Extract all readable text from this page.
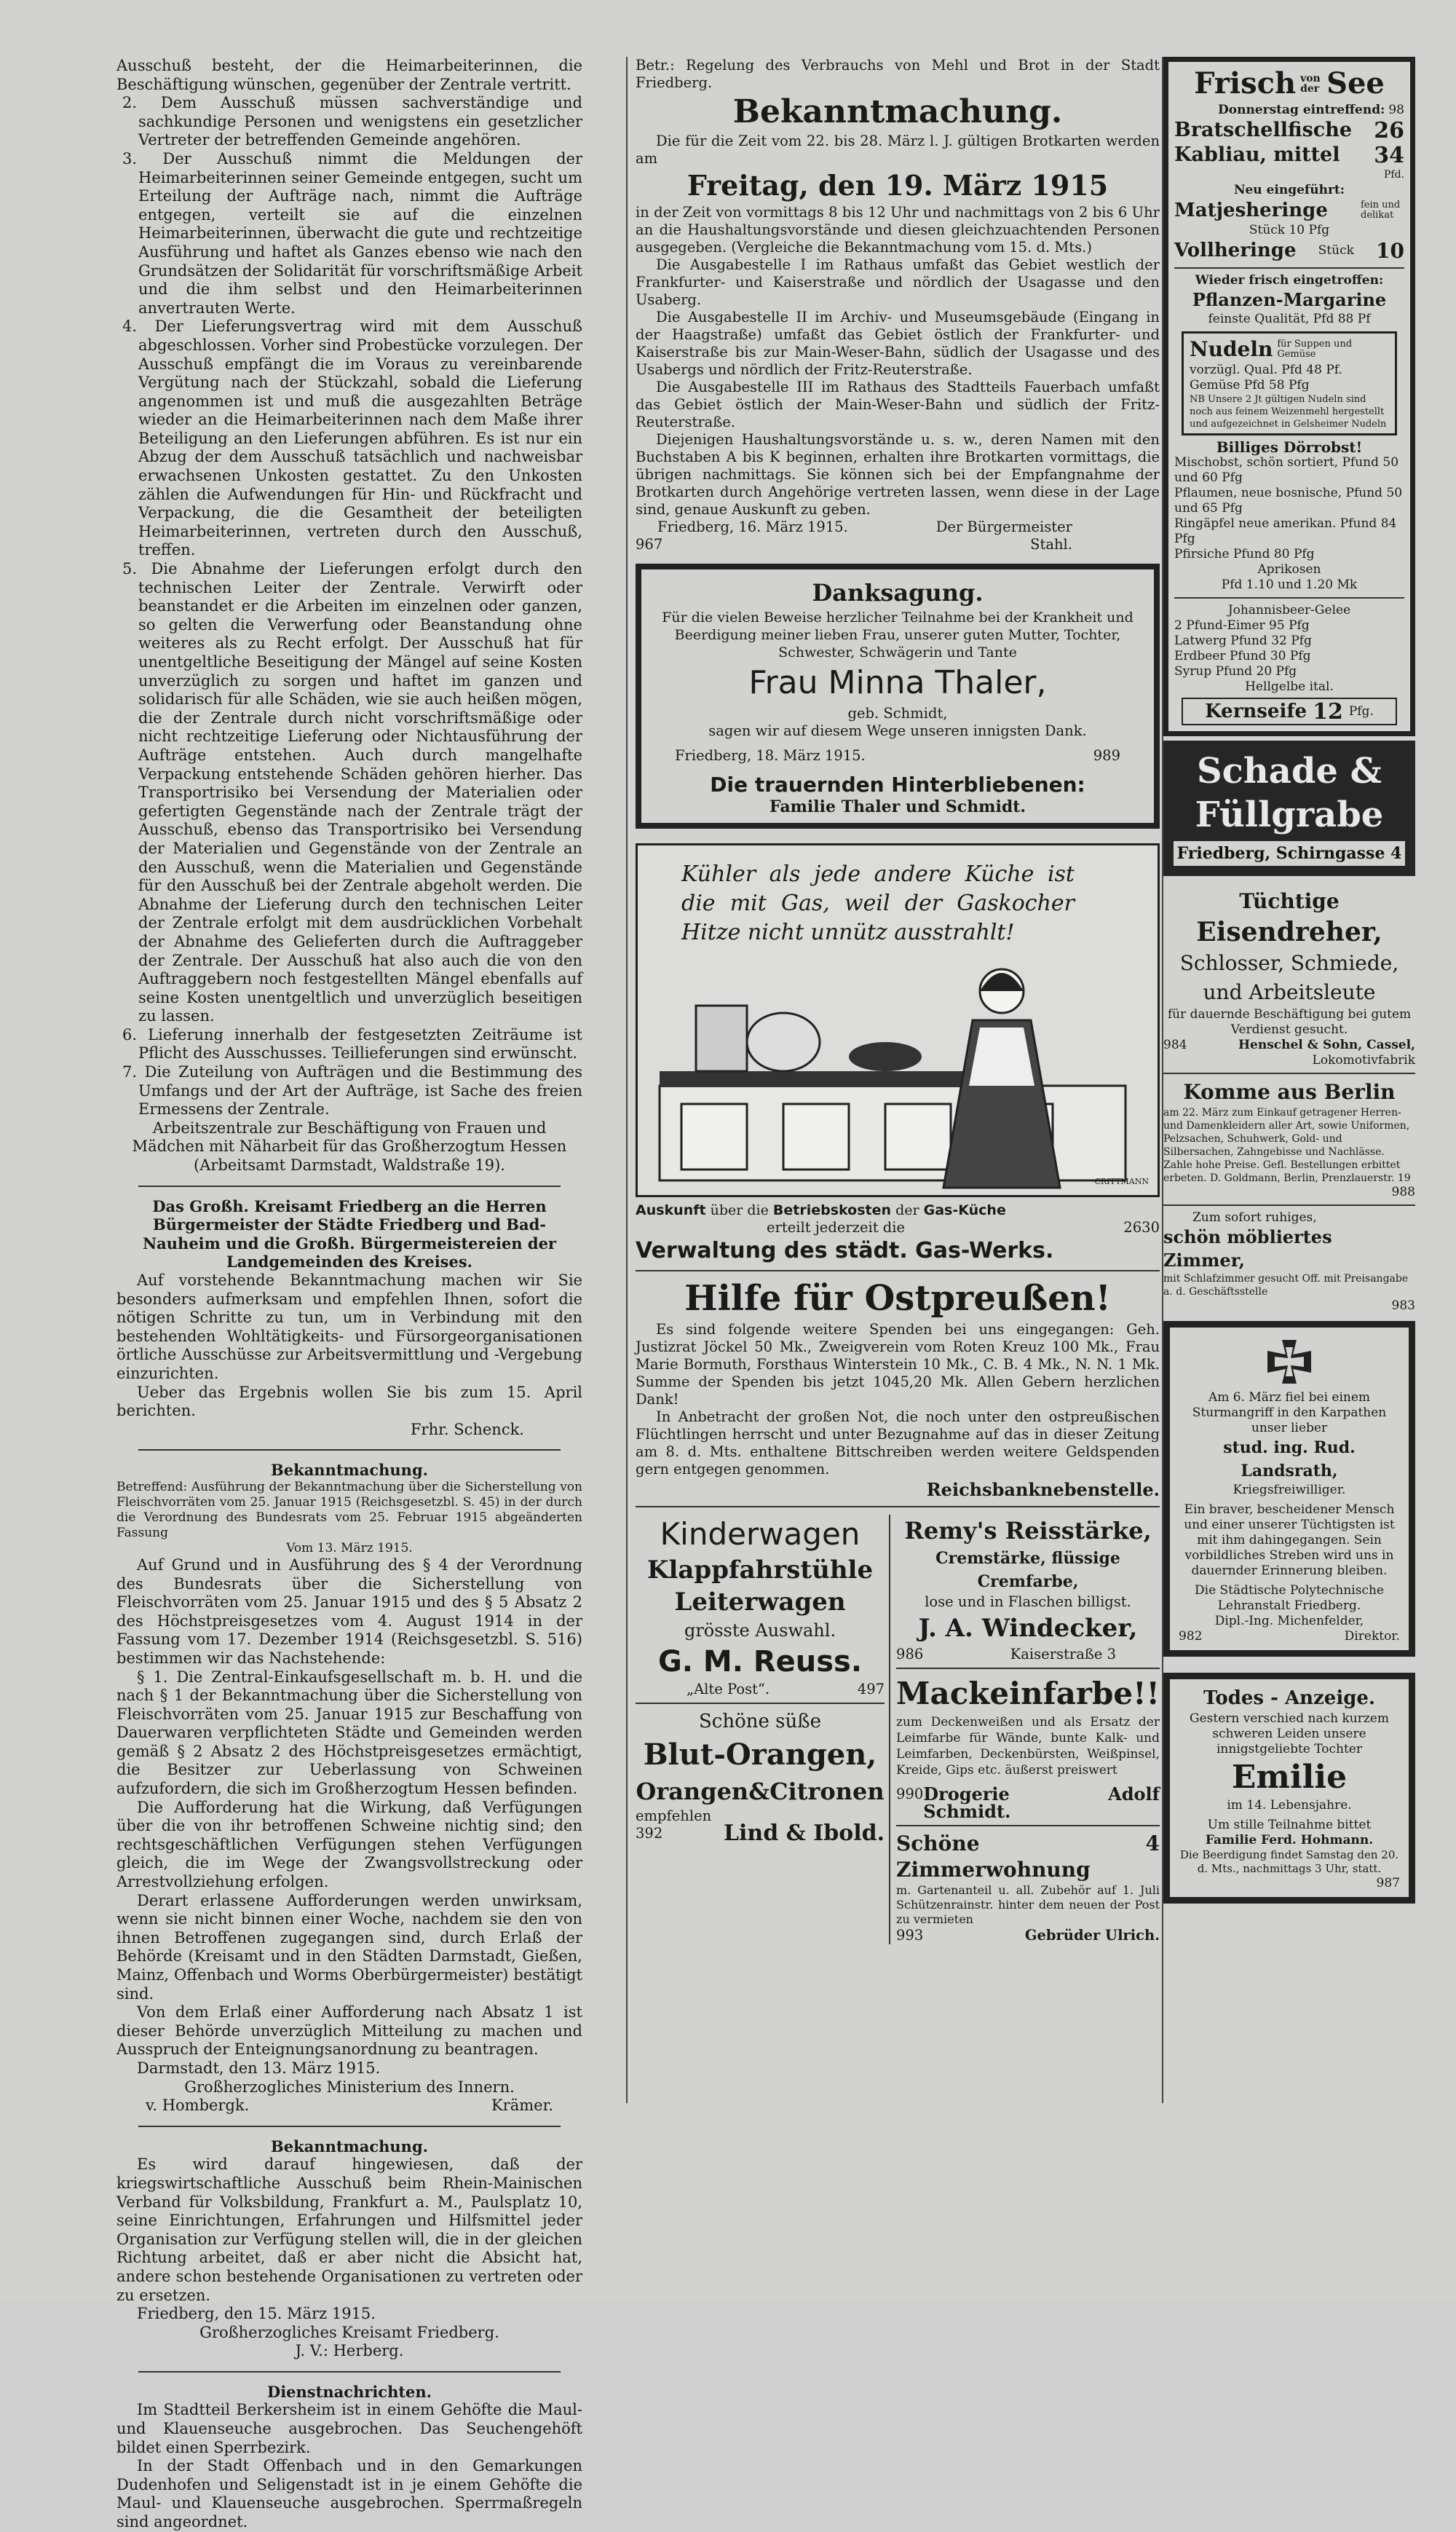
Ausschuß besteht, der die Heimarbeiterinnen, die Beschäftigung wünschen, gegenüber der Zentrale vertritt.

2. Dem Ausschuß müssen sachverständige und sachkundige Personen und wenigstens ein gesetzlicher Vertreter der betreffenden Gemeinde angehören.

3. Der Ausschuß nimmt die Meldungen der Heimarbeiterinnen seiner Gemeinde entgegen, sucht um Erteilung der Aufträge nach, nimmt die Aufträge entgegen, verteilt sie auf die einzelnen Heimarbeiterinnen, überwacht die gute und rechtzeitige Ausführung und haftet als Ganzes ebenso wie nach den Grundsätzen der Solidarität für vorschriftsmäßige Arbeit und die ihm selbst und den Heimarbeiterinnen anvertrauten Werte.

4. Der Lieferungsvertrag wird mit dem Ausschuß abgeschlossen. Vorher sind Probestücke vorzulegen. Der Ausschuß empfängt die im Voraus zu vereinbarende Vergütung nach der Stückzahl, sobald die Lieferung angenommen ist und muß die ausgezahlten Beträge wieder an die Heimarbeiterinnen nach dem Maße ihrer Beteiligung an den Lieferungen abführen. Es ist nur ein Abzug der dem Ausschuß tatsächlich und nachweisbar erwachsenen Unkosten gestattet. Zu den Unkosten zählen die Aufwendungen für Hin- und Rückfracht und Verpackung, die die Gesamtheit der beteiligten Heimarbeiterinnen, vertreten durch den Ausschuß, treffen.

5. Die Abnahme der Lieferungen erfolgt durch den technischen Leiter der Zentrale. Verwirft oder beanstandet er die Arbeiten im einzelnen oder ganzen, so gelten die Verwerfung oder Beanstandung ohne weiteres als zu Recht erfolgt. Der Ausschuß hat für unentgeltliche Beseitigung der Mängel auf seine Kosten unverzüglich zu sorgen und haftet im ganzen und solidarisch für alle Schäden, wie sie auch heißen mögen, die der Zentrale durch nicht vorschriftsmäßige oder nicht rechtzeitige Lieferung oder Nichtausführung der Aufträge entstehen. Auch durch mangelhafte Verpackung entstehende Schäden gehören hierher. Das Transportrisiko bei Versendung der Materialien oder gefertigten Gegenstände nach der Zentrale trägt der Ausschuß, ebenso das Transportrisiko bei Versendung der Materialien und Gegenstände von der Zentrale an den Ausschuß, wenn die Materialien und Gegenstände für den Ausschuß bei der Zentrale abgeholt werden. Die Abnahme der Lieferung durch den technischen Leiter der Zentrale erfolgt mit dem ausdrücklichen Vorbehalt der Abnahme des Gelieferten durch die Auftraggeber der Zentrale. Der Ausschuß hat also auch die von den Auftraggebern noch festgestellten Mängel ebenfalls auf seine Kosten unentgeltlich und unverzüglich beseitigen zu lassen.

6. Lieferung innerhalb der festgesetzten Zeiträume ist Pflicht des Ausschusses. Teillieferungen sind erwünscht.

7. Die Zuteilung von Aufträgen und die Bestimmung des Umfangs und der Art der Aufträge, ist Sache des freien Ermessens der Zentrale.

Arbeitszentrale zur Beschäftigung von Frauen und Mädchen mit Näharbeit für das Großherzogtum Hessen

(Arbeitsamt Darmstadt, Waldstraße 19).

Das Großh. Kreisamt Friedberg an die Herren Bürgermeister der Städte Friedberg und Bad-Nauheim und die Großh. Bürgermeistereien der Landgemeinden des Kreises.

Auf vorstehende Bekanntmachung machen wir Sie besonders aufmerksam und empfehlen Ihnen, sofort die nötigen Schritte zu tun, um in Verbindung mit den bestehenden Wohltätigkeits- und Fürsorgeorganisationen örtliche Ausschüsse zur Arbeitsvermittlung und -Vergebung einzurichten.

Ueber das Ergebnis wollen Sie bis zum 15. April berichten.

Frhr. Schenck.

Bekanntmachung.

Betreffend: Ausführung der Bekanntmachung über die Sicherstellung von Fleischvorräten vom 25. Januar 1915 (Reichsgesetzbl. S. 45) in der durch die Verordnung des Bundesrats vom 25. Februar 1915 abgeänderten Fassung

Vom 13. März 1915.

Auf Grund und in Ausführung des § 4 der Verordnung des Bundesrats über die Sicherstellung von Fleischvorräten vom 25. Januar 1915 und des § 5 Absatz 2 des Höchstpreisgesetzes vom 4. August 1914 in der Fassung vom 17. Dezember 1914 (Reichsgesetzbl. S. 516) bestimmen wir das Nachstehende:

§ 1. Die Zentral-Einkaufsgesellschaft m. b. H. und die nach § 1 der Bekanntmachung über die Sicherstellung von Fleischvorräten vom 25. Januar 1915 zur Beschaffung von Dauerwaren verpflichteten Städte und Gemeinden werden gemäß § 2 Absatz 2 des Höchstpreisgesetzes ermächtigt, die Besitzer zur Ueberlassung von Schweinen aufzufordern, die sich im Großherzogtum Hessen befinden.

Die Aufforderung hat die Wirkung, daß Verfügungen über die von ihr betroffenen Schweine nichtig sind; den rechtsgeschäftlichen Verfügungen stehen Verfügungen gleich, die im Wege der Zwangsvollstreckung oder Arrestvollziehung erfolgen.

Derart erlassene Aufforderungen werden unwirksam, wenn sie nicht binnen einer Woche, nachdem sie den von ihnen Betroffenen zugegangen sind, durch Erlaß der Behörde (Kreisamt und in den Städten Darmstadt, Gießen, Mainz, Offenbach und Worms Oberbürgermeister) bestätigt sind.

Von dem Erlaß einer Aufforderung nach Absatz 1 ist dieser Behörde unverzüglich Mitteilung zu machen und Ausspruch der Enteignungsanordnung zu beantragen.

Darmstadt, den 13. März 1915.

Großherzogliches Ministerium des Innern.

v. Hombergk.	Krämer.

Bekanntmachung.

Es wird darauf hingewiesen, daß der kriegswirtschaftliche Ausschuß beim Rhein-Mainischen Verband für Volksbildung, Frankfurt a. M., Paulsplatz 10, seine Einrichtungen, Erfahrungen und Hilfsmittel jeder Organisation zur Verfügung stellen will, die in der gleichen Richtung arbeitet, daß er aber nicht die Absicht hat, andere schon bestehende Organisationen zu vertreten oder zu ersetzen.

Friedberg, den 15. März 1915.

Großherzogliches Kreisamt Friedberg.

J. V.: Herberg.

Dienstnachrichten.

Im Stadtteil Berkersheim ist in einem Gehöfte die Maul- und Klauenseuche ausgebrochen. Das Seuchengehöft bildet einen Sperrbezirk.

In der Stadt Offenbach und in den Gemarkungen Dudenhofen und Seligenstadt ist in je einem Gehöfte die Maul- und Klauenseuche ausgebrochen. Sperrmaßregeln sind angeordnet.

Betr.: Regelung des Verbrauchs von Mehl und Brot in der Stadt Friedberg.

Bekanntmachung.

Die für die Zeit vom 22. bis 28. März l. J. gültigen Brotkarten werden am

Freitag, den 19. März 1915

in der Zeit von vormittags 8 bis 12 Uhr und nachmittags von 2 bis 6 Uhr an die Haushaltungsvorstände und diesen gleichzuachtenden Personen ausgegeben. (Vergleiche die Bekanntmachung vom 15. d. Mts.)

Die Ausgabestelle I im Rathaus umfaßt das Gebiet westlich der Frankfurter- und Kaiserstraße und nördlich der Usagasse und den Usaberg.

Die Ausgabestelle II im Archiv- und Museumsgebäude (Eingang in der Haagstraße) umfaßt das Gebiet östlich der Frankfurter- und Kaiserstraße bis zur Main-Weser-Bahn, südlich der Usagasse und des Usabergs und nördlich der Fritz-Reuterstraße.

Die Ausgabestelle III im Rathaus des Stadtteils Fauerbach umfaßt das Gebiet östlich der Main-Weser-Bahn und südlich der Fritz-Reuterstraße.

Diejenigen Haushaltungsvorstände u. s. w., deren Namen mit den Buchstaben A bis K beginnen, erhalten ihre Brotkarten vormittags, die übrigen nachmittags. Sie können sich bei der Empfangnahme der Brotkarten durch Angehörige vertreten lassen, wenn diese in der Lage sind, genaue Auskunft zu geben.

Friedberg, 16. März 1915.	Der Bürgermeister
967	Stahl.

Danksagung.

Für die vielen Beweise herzlicher Teilnahme bei der Krankheit und Beerdigung meiner lieben Frau, unserer guten Mutter, Tochter, Schwester, Schwägerin und Tante

Frau Minna Thaler,

geb. Schmidt,

sagen wir auf diesem Wege unseren innigsten Dank.

Friedberg, 18. März 1915.	989

Die trauernden Hinterbliebenen:

Familie Thaler und Schmidt.

Kühler als jede andere Küche ist die mit Gas, weil der Gaskocher Hitze nicht unnütz ausstrahlt!

CRITTMANN
Auskunft über die Betriebskosten der Gas-Küche
erteilt jederzeit die	2630

Verwaltung des städt. Gas-Werks.

Hilfe für Ostpreußen!

Es sind folgende weitere Spenden bei uns eingegangen: Geh. Justizrat Jöckel 50 Mk., Zweigverein vom Roten Kreuz 100 Mk., Frau Marie Bormuth, Forsthaus Winterstein 10 Mk., C. B. 4 Mk., N. N. 1 Mk. Summe der Spenden bis jetzt 1045,20 Mk. Allen Gebern herzlichen Dank!

In Anbetracht der großen Not, die noch unter den ostpreußischen Flüchtlingen herrscht und unter Bezugnahme auf das in dieser Zeitung am 8. d. Mts. enthaltene Bittschreiben werden weitere Geldspenden gern entgegen genommen.

Reichsbanknebenstelle.

Kinderwagen

Klappfahrstühle

Leiterwagen

grösste Auswahl.

G. M. Reuss.

„Alte Post“.	497

Schöne süße

Blut-Orangen,

Orangen&Citronen

empfehlen

392	Lind & Ibold.

Remy's Reisstärke,

Cremstärke, flüssige Cremfarbe,

lose und in Flaschen billigst.

J. A. Windecker,

986	Kaiserstraße 3

Mackeinfarbe!!

zum Deckenweißen und als Ersatz der Leimfarbe für Wände, bunte Kalk- und Leimfarben, Deckenbürsten, Weißpinsel, Kreide, Gips etc. äußerst preiswert

990 Drogerie Adolf Schmidt.

Schöne 4 Zimmerwohnung

m. Gartenanteil u. all. Zubehör auf 1. Juli Schützenrainstr. hinter dem neuen der Post zu vermieten

993	Gebrüder Ulrich.
Frisch von der See
Donnerstag eintreffend: 98
Bratschellfische 26
Kabliau, mittel 34

Pfd.

Neu eingeführt:

Matjesheringe	fein und delikat

Stück 10 Pfg

Vollheringe Stück 10

Wieder frisch eingetroffen:

Pflanzen-Margarine

feinste Qualität, Pfd 88 Pf

Nudeln für Suppen und Gemüse

vorzügl. Qual. Pfd 48 Pf.

Gemüse Pfd 58 Pfg

NB Unsere 2 Jt gültigen Nudeln sind noch aus feinem Weizenmehl hergestellt und aufgezeichnet in Gelsheimer Nudeln

Billiges Dörrobst!

Mischobst, schön sortiert, Pfund 50 und 60 Pfg

Pflaumen, neue bosnische, Pfund 50 und 65 Pfg

Ringäpfel neue amerikan. Pfund 84 Pfg

Pfirsiche Pfund 80 Pfg

Aprikosen

Pfd 1.10 und 1.20 Mk

Johannisbeer-Gelee

2 Pfund-Eimer 95 Pfg

Latwerg Pfund 32 Pfg

Erdbeer Pfund 30 Pfg

Syrup Pfund 20 Pfg

Hellgelbe ital.

Kernseife 12 Pfg.

Schade &

Füllgrabe

Friedberg, Schirngasse 4

Tüchtige

Eisendreher,

Schlosser, Schmiede,

und Arbeitsleute

für dauernde Beschäftigung bei gutem Verdienst gesucht.

984	Henschel & Sohn, Cassel,

Lokomotivfabrik

Komme aus Berlin

am 22. März zum Einkauf getragener Herren- und Damenkleidern aller Art, sowie Uniformen, Pelzsachen, Schuhwerk, Gold- und Silbersachen, Zahngebisse und Nachlässe. Zahle hohe Preise. Gefl. Bestellungen erbittet erbeten. D. Goldmann, Berlin, Prenzlauerstr. 19

988

Zum sofort ruhiges,

schön möbliertes Zimmer,

mit Schlafzimmer gesucht Off. mit Preisangabe a. d. Geschäftsstelle

983

Am 6. März fiel bei einem Sturmangriff in den Karpathen unser lieber

stud. ing. Rud. Landsrath,

Kriegsfreiwilliger.

Ein braver, bescheidener Mensch und einer unserer Tüchtigsten ist mit ihm dahingegangen. Sein vorbildliches Streben wird uns in dauernder Erinnerung bleiben.

Die Städtische Polytechnische Lehranstalt Friedberg.

Dipl.-Ing. Michenfelder,

982	Direktor.

Todes - Anzeige.

Gestern verschied nach kurzem schweren Leiden unsere innigstgeliebte Tochter

Emilie

im 14. Lebensjahre.

Um stille Teilnahme bittet

Familie Ferd. Hohmann.

Die Beerdigung findet Samstag den 20. d. Mts., nachmittags 3 Uhr, statt.

987
